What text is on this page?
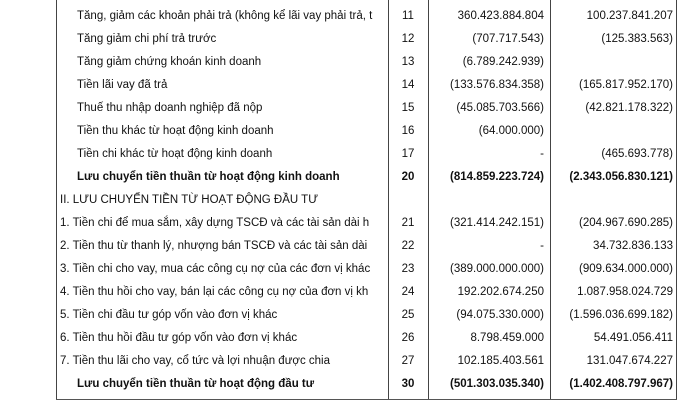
Tăng, giảm các khoản phải trả (không kể lãi vay phải trả, t	11	360.423.884.804	100.237.841.207
Tăng giảm chi phí trả trước	12	(707.717.543)	(125.383.563)
Tăng giảm chứng khoán kinh doanh	13	(6.789.242.939)
Tiền lãi vay đã trả	14	(133.576.834.358)	(165.817.952.170)
Thuế thu nhập doanh nghiệp đã nộp	15	(45.085.703.566)	(42.821.178.322)
Tiền thu khác từ hoạt động kinh doanh	16	(64.000.000)
Tiền chi khác từ hoạt động kinh doanh	17	-	(465.693.778)
Lưu chuyển tiền thuần từ hoạt động kinh doanh	20	(814.859.223.724)	(2.343.056.830.121)
II. LƯU CHUYỂN TIỀN TỪ HOẠT ĐỘNG ĐẦU TƯ
1. Tiền chi để mua sắm, xây dựng TSCĐ và các tài sản dài h	21	(321.414.242.151)	(204.967.690.285)
2. Tiền thu từ thanh lý, nhượng bán TSCĐ và các tài sản dài	22	-	34.732.836.133
3. Tiền chi cho vay, mua các công cụ nợ của các đơn vị khác	23	(389.000.000.000)	(909.634.000.000)
4. Tiền thu hồi cho vay, bán lại các công cụ nợ của đơn vị kh	24	192.202.674.250	1.087.958.024.729
5. Tiền chi đầu tư góp vốn vào đơn vị khác	25	(94.075.330.000)	(1.596.036.699.182)
6. Tiền thu hồi đầu tư góp vốn vào đơn vị khác	26	8.798.459.000	54.491.056.411
7. Tiền thu lãi cho vay, cổ tức và lợi nhuận được chia	27	102.185.403.561	131.047.674.227
Lưu chuyển tiền thuần từ hoạt động đầu tư	30	(501.303.035.340)	(1.402.408.797.967)
